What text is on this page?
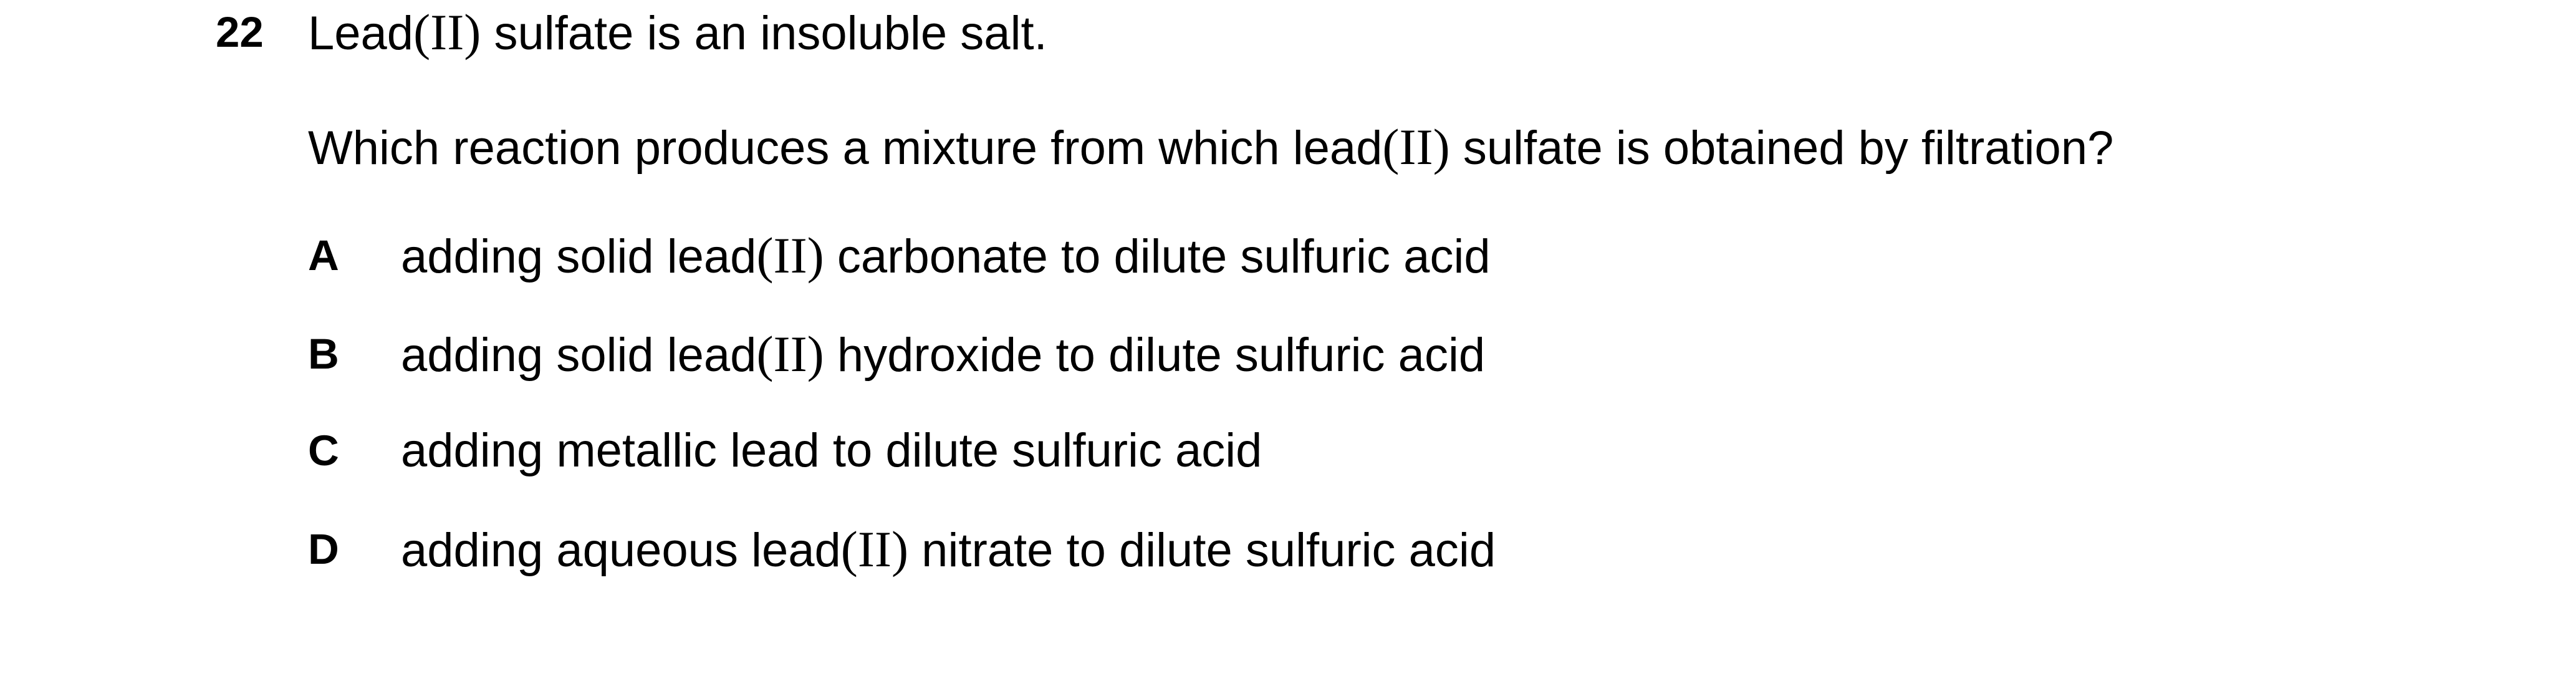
22 Lead(II) sulfate is an insoluble salt.
Which reaction produces a mixture from which lead(II) sulfate is obtained by filtration?
A adding solid lead(II) carbonate to dilute sulfuric acid
B adding solid lead(II) hydroxide to dilute sulfuric acid
C adding metallic lead to dilute sulfuric acid
D adding aqueous lead(II) nitrate to dilute sulfuric acid
